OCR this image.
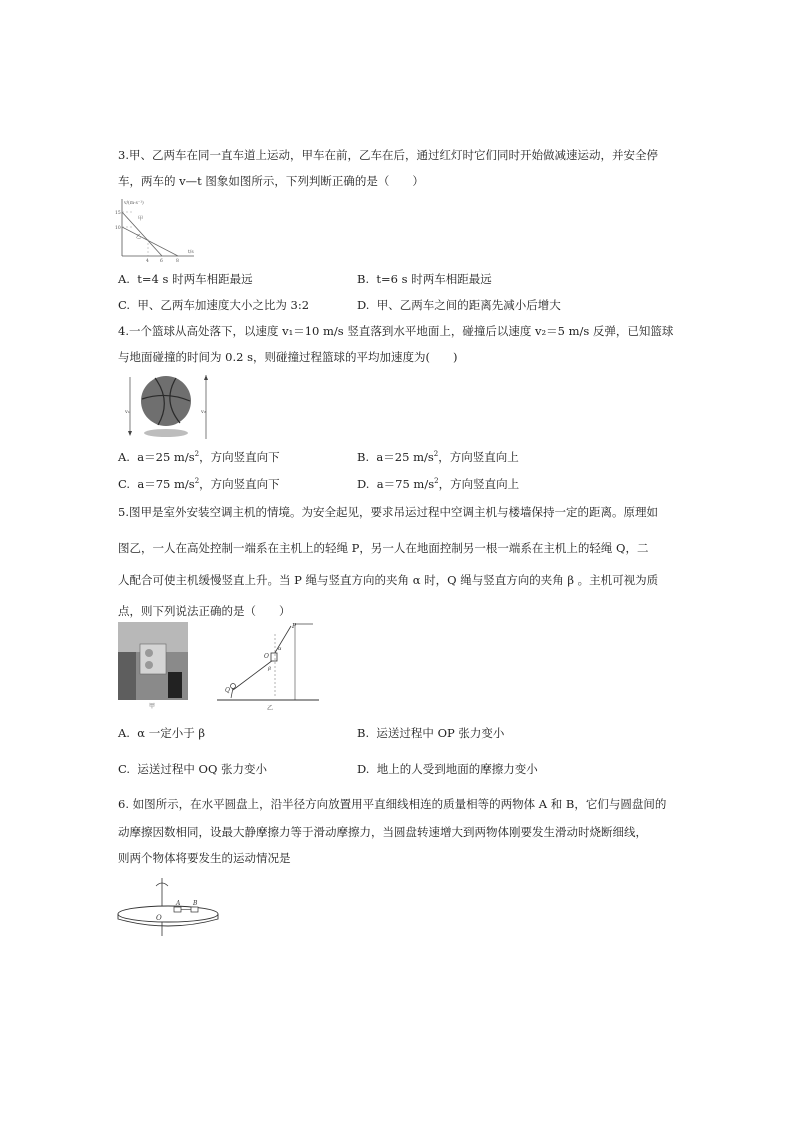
3.甲、乙两车在同一直车道上运动，甲车在前，乙车在后，通过红灯时它们同时开始做减速运动，并安全停
车，两车的 v—t 图象如图所示，下列判断正确的是（　　）
v/(m·s⁻¹)
t/s
15
10
4 6	8
甲
乙
A. t=4 s 时两车相距最远	B. t=6 s 时两车相距最远
C. 甲、乙两车加速度大小之比为 3:2	D. 甲、乙两车之间的距离先减小后增大
4.一个篮球从高处落下，以速度 v₁＝10 m/s 竖直落到水平地面上，碰撞后以速度 v₂＝5 m/s 反弹，已知篮球
与地面碰撞的时间为 0.2 s，则碰撞过程篮球的平均加速度为(　　)
v₁	v₂
A. a＝25 $m/s^2$，方向竖直向下	B. a＝25 $m/s^2$，方向竖直向上
C. a＝75 $m/s^2$，方向竖直向下	D. a＝75 $m/s^2$，方向竖直向上
5.图甲是室外安装空调主机的情境。为安全起见，要求吊运过程中空调主机与楼墙保持一定的距离。原理如
图乙，一人在高处控制一端系在主机上的轻绳 P，另一人在地面控制另一根一端系在主机上的轻绳 Q，二
人配合可使主机缓慢竖直上升。当 P 绳与竖直方向的夹角 α 时，Q 绳与竖直方向的夹角 β 。主机可视为质
点，则下列说法正确的是（　　）
甲
P
O
Q
α
β
乙
A. α 一定小于 β	B. 运送过程中 OP 张力变小
C. 运送过程中 OQ 张力变小	D. 地上的人受到地面的摩擦力变小
6. 如图所示，在水平圆盘上，沿半径方向放置用平直细线相连的质量相等的两物体 A 和 B，它们与圆盘间的
动摩擦因数相同，设最大静摩擦力等于滑动摩擦力，当圆盘转速增大到两物体刚要发生滑动时烧断细线，
则两个物体将要发生的运动情况是
O
A B
